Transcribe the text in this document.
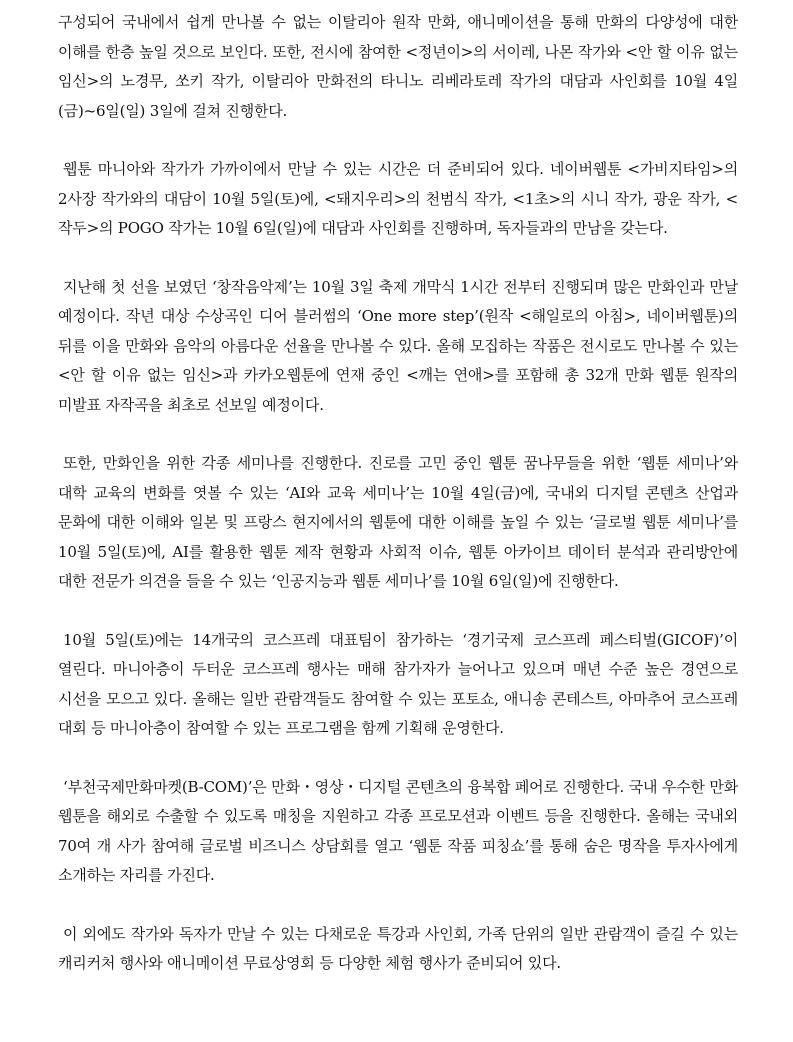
구성되어 국내에서 쉽게 만나볼 수 없는 이탈리아 원작 만화, 애니메이션을 통해 만화의 다양성에 대한 이해를 한층 높일 것으로 보인다. 또한, 전시에 참여한 <정년이>의 서이레, 나몬 작가와 <안 할 이유 없는 임신>의 노경무, 쏘키 작가, 이탈리아 만화전의 타니노 리베라토레 작가의 대담과 사인회를 10월 4일(금)~6일(일) 3일에 걸쳐 진행한다.

웹툰 마니아와 작가가 가까이에서 만날 수 있는 시간은 더 준비되어 있다. 네이버웹툰 <가비지타임>의 2사장 작가와의 대담이 10월 5일(토)에, <돼지우리>의 천범식 작가, <1초>의 시니 작가, 광운 작가, <작두>의 POGO 작가는 10월 6일(일)에 대담과 사인회를 진행하며, 독자들과의 만남을 갖는다.

지난해 첫 선을 보였던 ‘창작음악제’는 10월 3일 축제 개막식 1시간 전부터 진행되며 많은 만화인과 만날 예정이다. 작년 대상 수상곡인 디어 블러썸의 ‘One more step’(원작 <해일로의 아침>, 네이버웹툰)의 뒤를 이을 만화와 음악의 아름다운 선율을 만나볼 수 있다. 올해 모집하는 작품은 전시로도 만나볼 수 있는 <안 할 이유 없는 임신>과 카카오웹툰에 연재 중인 <깨는 연애>를 포함해 총 32개 만화 웹툰 원작의 미발표 자작곡을 최초로 선보일 예정이다.

또한, 만화인을 위한 각종 세미나를 진행한다. 진로를 고민 중인 웹툰 꿈나무들을 위한 ‘웹툰 세미나’와 대학 교육의 변화를 엿볼 수 있는 ‘AI와 교육 세미나’는 10월 4일(금)에, 국내외 디지털 콘텐츠 산업과 문화에 대한 이해와 일본 및 프랑스 현지에서의 웹툰에 대한 이해를 높일 수 있는 ‘글로벌 웹툰 세미나’를 10월 5일(토)에, AI를 활용한 웹툰 제작 현황과 사회적 이슈, 웹툰 아카이브 데이터 분석과 관리방안에 대한 전문가 의견을 들을 수 있는 ‘인공지능과 웹툰 세미나’를 10월 6일(일)에 진행한다.

10월 5일(토)에는 14개국의 코스프레 대표팀이 참가하는 ‘경기국제 코스프레 페스티벌(GICOF)’이 열린다. 마니아층이 두터운 코스프레 행사는 매해 참가자가 늘어나고 있으며 매년 수준 높은 경연으로 시선을 모으고 있다. 올해는 일반 관람객들도 참여할 수 있는 포토쇼, 애니송 콘테스트, 아마추어 코스프레 대회 등 마니아층이 참여할 수 있는 프로그램을 함께 기획해 운영한다.

‘부천국제만화마켓(B-COM)’은 만화・영상・디지털 콘텐츠의 융복합 페어로 진행한다. 국내 우수한 만화 웹툰을 해외로 수출할 수 있도록 매칭을 지원하고 각종 프로모션과 이벤트 등을 진행한다. 올해는 국내외 70여 개 사가 참여해 글로벌 비즈니스 상담회를 열고 ‘웹툰 작품 피칭쇼’를 통해 숨은 명작을 투자사에게 소개하는 자리를 가진다.

이 외에도 작가와 독자가 만날 수 있는 다채로운 특강과 사인회, 가족 단위의 일반 관람객이 즐길 수 있는 캐리커처 행사와 애니메이션 무료상영회 등 다양한 체험 행사가 준비되어 있다.
